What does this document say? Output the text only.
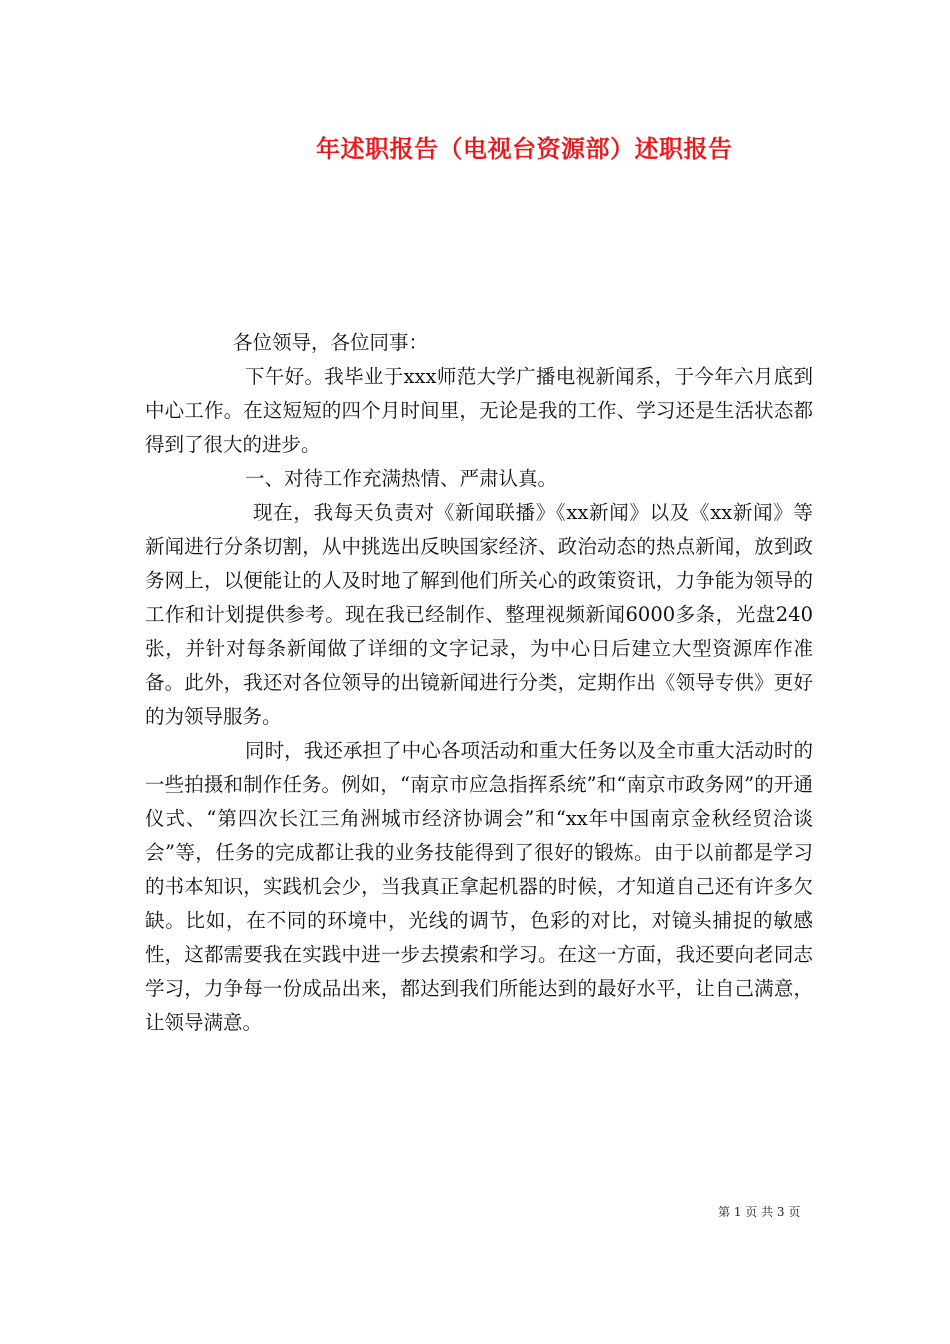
年述职报告（电视台资源部）述职报告

各位领导，各位同事：

下午好。我毕业于xxx师范大学广播电视新闻系，于今年六月底到中心工作。在这短短的四个月时间里，无论是我的工作、学习还是生活状态都得到了很大的进步。

一、对待工作充满热情、严肃认真。

现在，我每天负责对《新闻联播》《xx新闻》以及《xx新闻》等新闻进行分条切割，从中挑选出反映国家经济、政治动态的热点新闻，放到政务网上，以便能让的人及时地了解到他们所关心的政策资讯，力争能为领导的工作和计划提供参考。现在我已经制作、整理视频新闻6000多条，光盘240张，并针对每条新闻做了详细的文字记录，为中心日后建立大型资源库作准备。此外，我还对各位领导的出镜新闻进行分类，定期作出《领导专供》更好的为领导服务。

同时，我还承担了中心各项活动和重大任务以及全市重大活动时的一些拍摄和制作任务。例如，“南京市应急指挥系统”和“南京市政务网”的开通仪式、“第四次长江三角洲城市经济协调会”和“xx年中国南京金秋经贸洽谈会”等，任务的完成都让我的业务技能得到了很好的锻炼。由于以前都是学习的书本知识，实践机会少，当我真正拿起机器的时候，才知道自己还有许多欠缺。比如，在不同的环境中，光线的调节，色彩的对比，对镜头捕捉的敏感性，这都需要我在实践中进一步去摸索和学习。在这一方面，我还要向老同志学习，力争每一份成品出来，都达到我们所能达到的最好水平，让自己满意，让领导满意。

第 1 页 共 3 页
